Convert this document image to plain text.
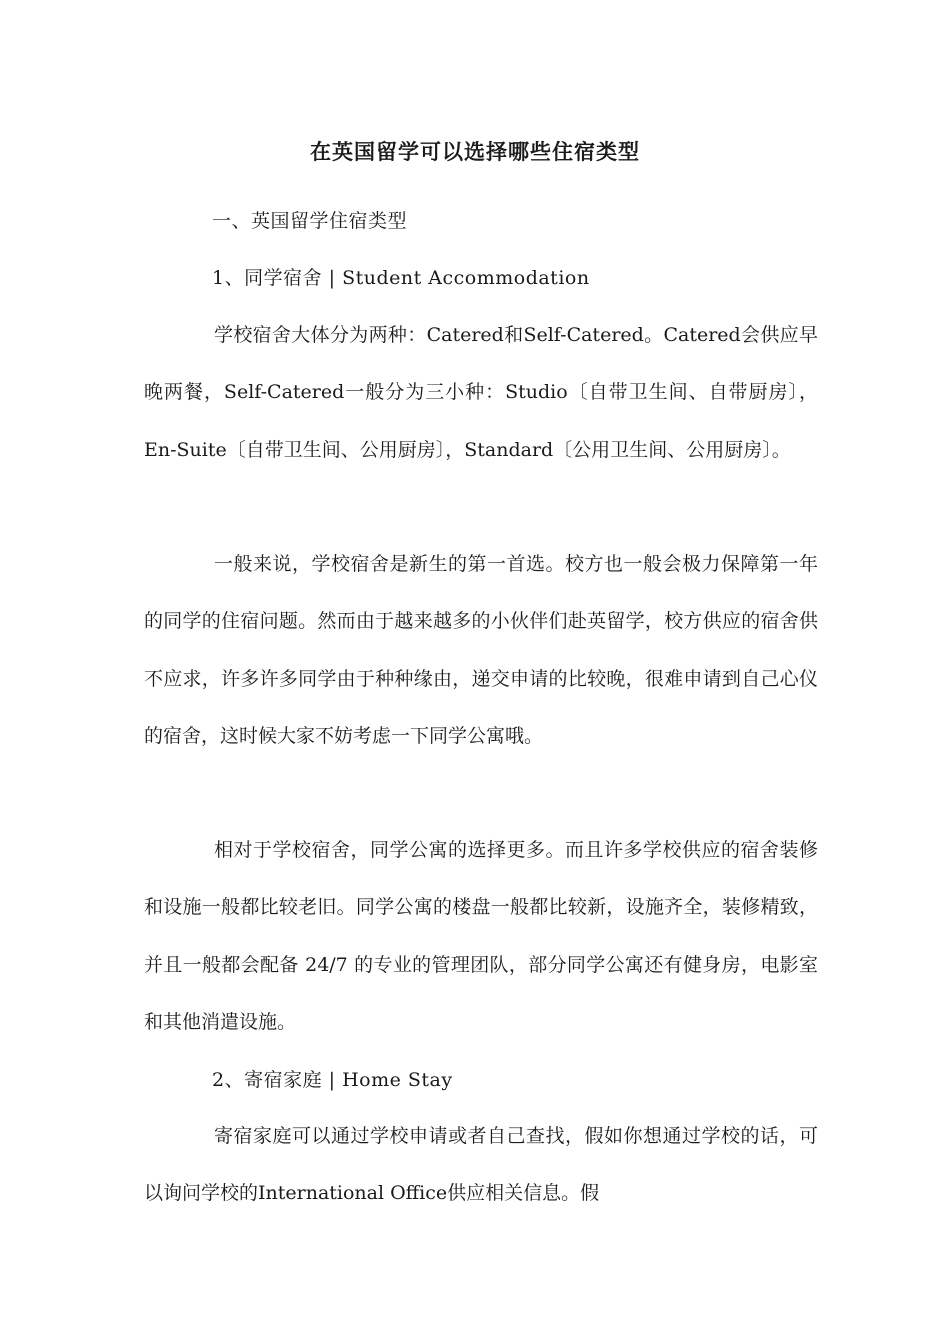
在英国留学可以选择哪些住宿类型
一、英国留学住宿类型
1、同学宿舍 | Student Accommodation
学校宿舍大体分为两种：Catered和Self-Catered。Catered会供应早晚两餐，Self-Catered一般分为三小种：Studio〔自带卫生间、自带厨房〕，En-Suite〔自带卫生间、公用厨房〕，Standard〔公用卫生间、公用厨房〕。
一般来说，学校宿舍是新生的第一首选。校方也一般会极力保障第一年的同学的住宿问题。然而由于越来越多的小伙伴们赴英留学，校方供应的宿舍供不应求，许多许多同学由于种种缘由，递交申请的比较晚，很难申请到自己心仪的宿舍，这时候大家不妨考虑一下同学公寓哦。
相对于学校宿舍，同学公寓的选择更多。而且许多学校供应的宿舍装修和设施一般都比较老旧。同学公寓的楼盘一般都比较新，设施齐全，装修精致，并且一般都会配备 24/7 的专业的管理团队，部分同学公寓还有健身房，电影室和其他消遣设施。
2、寄宿家庭 | Home Stay
寄宿家庭可以通过学校申请或者自己查找，假如你想通过学校的话，可以询问学校的International Office供应相关信息。假
